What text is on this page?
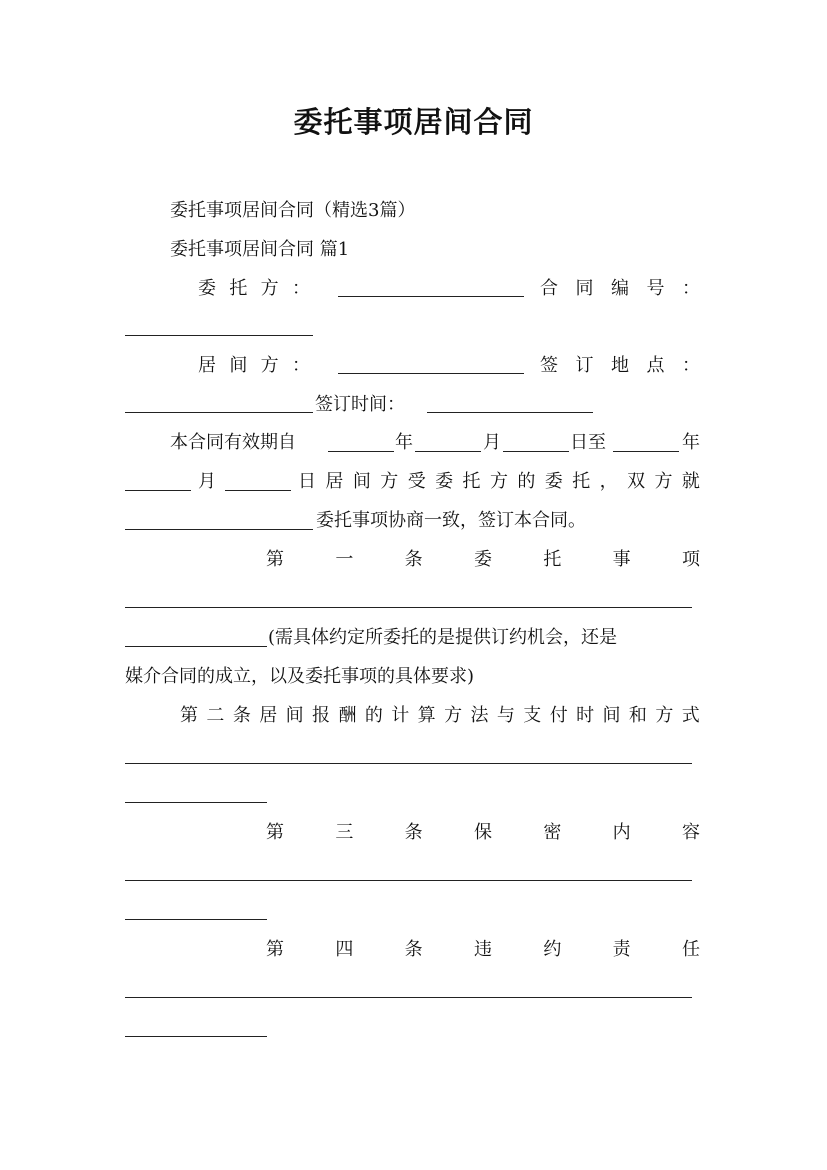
委托事项居间合同
委托事项居间合同（精选3篇）
委托事项居间合同 篇1
委 托 方 ：	合 同 编 号 ：
居 间 方 ：	签 订 地 点 ：
签订时间：
本合同有效期自	年	月	日至	年
月	日 居 间 方 受 委 托 方 的 委 托 ， 双 方 就
委托事项协商一致，签订本合同。
第	一	条	委	托	事	项
(需具体约定所委托的是提供订约机会，还是
媒介合同的成立，以及委托事项的具体要求)
第 二 条 居 间 报 酬 的 计 算 方 法 与 支 付 时 间 和 方 式
第	三	条	保	密	内	容
第	四	条	违	约	责	任
